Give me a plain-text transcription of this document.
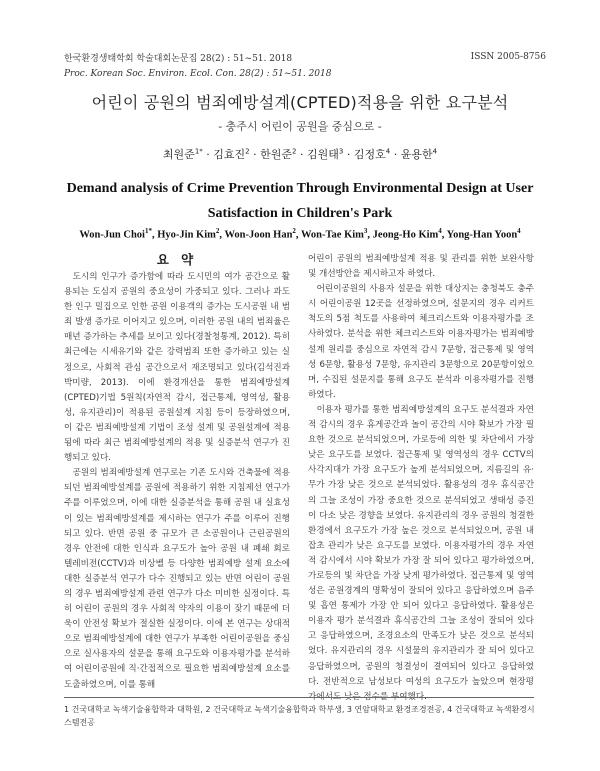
한국환경생태학회 학술대회논문집 28(2) : 51~51. 2018
Proc. Korean Soc. Environ. Ecol. Con. 28(2) : 51~51. 2018
ISSN 2005-8756
어린이 공원의 범죄예방설계(CPTED)적용을 위한 요구분석
- 충주시 어린이 공원을 중심으로 -
최원준$^{1*}$ · 김효진$^2$ · 한원준$^2$ · 김원태$^3$ · 김정호$^4$ · 윤용한$^4$
Demand analysis of Crime Prevention Through Environmental Design at User Satisfaction in Children's Park
Won-Jun Choi$^{1*}$, Hyo-Jin Kim$^2$, Won-Joon Han$^2$, Won-Tae Kim$^3$, Jeong-Ho Kim$^4$, Yong-Han Yoon$^4$
요 약

도시의 인구가 증가함에 따라 도시민의 여가 공간으로 활용되는 도심지 공원의 중요성이 가중되고 있다. 그러나 과도한 인구 밀집으로 인한 공원 이용객의 증가는 도시공원 내 범죄 발생 증가로 이어지고 있으며, 이러한 공원 내의 범죄율은 매년 증가하는 추세를 보이고 있다(경찰청통계, 2012). 특히 최근에는 시세유기와 같은 강력범죄 또한 증가하고 있는 실정으로, 사회적 관심 공간으로서 재조명되고 있다(김석진과 박미량, 2013). 이에 환경개선을 통한 범죄예방설계(CPTED)기법 5원칙(자연적 감시, 접근통제, 영역성, 활용성, 유지관리)이 적용된 공원설계 지침 등이 등장하였으며, 이 같은 범죄예방설계 기법이 조성 설계 및 공원설계에 적용됨에 따라 최근 범죄예방설계의 적용 및 실증분석 연구가 진행되고 있다.

공원의 범죄예방설계 연구로는 기존 도시와 건축물에 적용되던 범죄예방설계를 공원에 적용하기 위한 지침제선 연구가 주를 이루었으며, 이에 대한 실증분석을 통해 공원 내 실효성이 있는 범죄예방설계를 제시하는 연구가 주를 이루어 진행되고 있다. 반면 공원 중 규모가 큰 소공원이나 근린공원의 경우 안전에 대한 인식과 요구도가 높아 공원 내 폐쇄 회로 텔레비전(CCTV)과 비상벨 등 다양한 범죄예방 설계 요소에 대한 실증분석 연구가 다수 진행되고 있는 반면 어린이 공원의 경우 범죄예방설계 관련 연구가 다소 미비한 실정이다. 특히 어린이 공원의 경우 사회적 약자의 이용이 잦기 때문에 더욱이 안전성 확보가 절실한 실정이다. 이에 본 연구는 상대적으로 범죄예방설계에 대한 연구가 부족한 어린이공원을 중심으로 실사용자의 설문을 통해 요구도와 이용자평가를 분석하여 어린이공원에 직·간접적으로 필요한 범죄예방설계 요소를 도출하였으며, 이를 통해

어린이 공원의 범죄예방설계 적용 및 관리를 위한 보완사항 및 개선방안을 제시하고자 하였다.

어린이공원의 사용자 설문을 위한 대상지는 충청북도 충주시 어린이공원 12곳을 선정하였으며, 설문지의 경우 리커트 척도의 5점 척도를 사용하여 체크리스트와 이용자평가를 조사하였다. 분석을 위한 체크리스트와 이용자평가는 범죄예방설계 원리를 중심으로 자연적 감시 7문항, 접근통제 및 영역성 6문항, 활용성 7문항, 유지관리 3문항으로 20문항이었으며, 수집된 설문지를 통해 요구도 분석과 이용자평가를 진행하였다.

이용자 평가를 통한 범죄예방설계의 요구도 분석결과 자연적 감시의 경우 휴게공간과 놀이 공간의 시야 확보가 가장 필요한 것으로 분석되었으며, 가로등에 의한 빛 차단에서 가장 낮은 요구도를 보였다. 접근통제 및 영역성의 경우 CCTV의 사각지대가 가장 요구도가 높게 분석되었으며, 지름길의 유·무가 가장 낮은 것으로 분석되었다. 활용성의 경우 휴식공간의 그늘 조성이 가장 중요한 것으로 분석되었고 생태성 증진이 다소 낮은 경향을 보였다. 유지관리의 경우 공원의 청결한 환경에서 요구도가 가장 높은 것으로 분석되었으며, 공원 내 잡초 관리가 낮은 요구도를 보였다. 이용자평가의 경우 자연적 감시에서 시야 확보가 가장 잘 되어 있다고 평가하였으며, 가로등의 빛 차단을 가장 낮게 평가하였다. 접근통제 및 영역성은 공원경계의 명확성이 잘되어 있다고 응답하였으며 음주 및 흡연 통제가 가장 안 되어 있다고 응답하였다. 활용성은 이용자 평가 분석결과 휴식공간의 그늘 조성이 잘되어 있다고 응답하였으며, 조경요소의 만족도가 낮은 것으로 분석되었다. 유지관리의 경우 시설물의 유지관리가 잘 되어 있다고 응답하였으며, 공원의 청결성이 결여되어 있다고 응답하였다. 전반적으로 남성보다 여성의 요구도가 높았으며 현장평가에서도 낮은 점수를 부여했다.

1 건국대학교 녹색기술융합학과 대학원, 2 건국대학교 녹색기술융합학과 학부생, 3 연암대학교 환경조경전공, 4 건국대학교 녹색환경시스템전공
